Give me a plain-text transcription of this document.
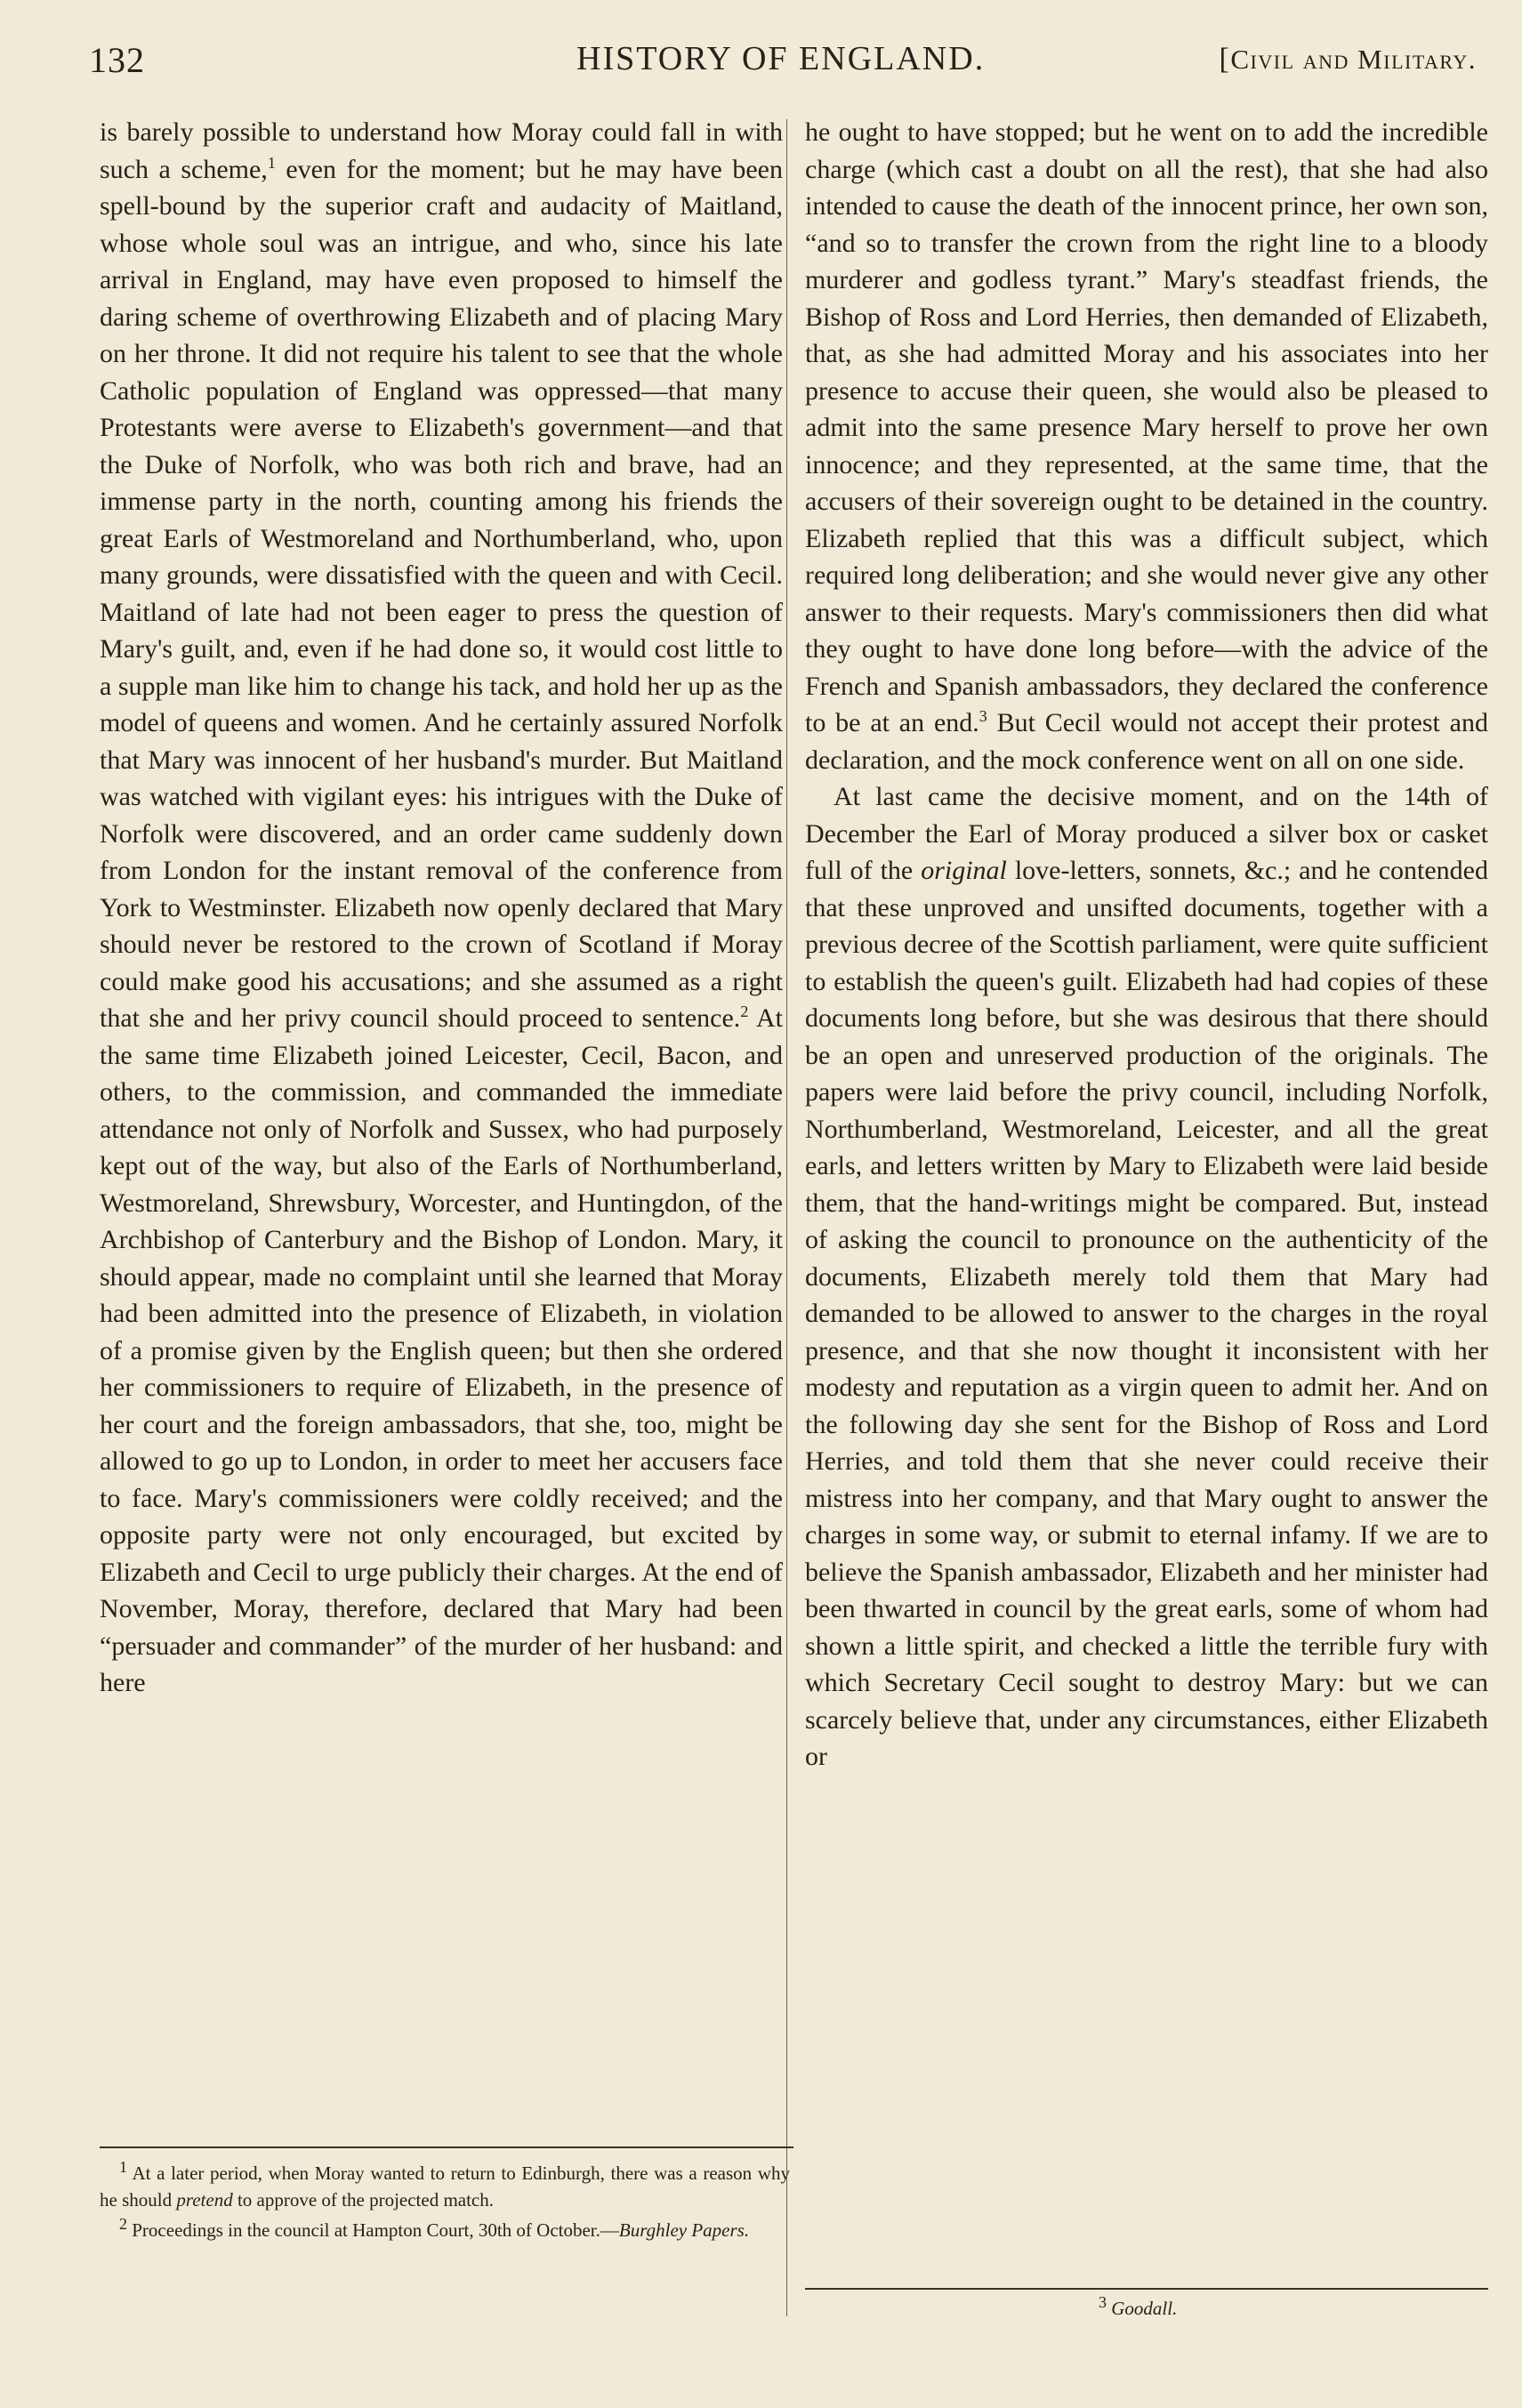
132	HISTORY OF ENGLAND.	[Civil and Military.

is barely possible to understand how Moray could fall in with such a scheme,$^1$ even for the moment; but he may have been spell-bound by the superior craft and audacity of Maitland, whose whole soul was an intrigue, and who, since his late arrival in England, may have even proposed to himself the daring scheme of overthrowing Elizabeth and of placing Mary on her throne. It did not require his talent to see that the whole Catholic population of England was oppressed—that many Protestants were averse to Elizabeth's government—and that the Duke of Norfolk, who was both rich and brave, had an immense party in the north, counting among his friends the great Earls of Westmoreland and Northumberland, who, upon many grounds, were dissatisfied with the queen and with Cecil. Maitland of late had not been eager to press the question of Mary's guilt, and, even if he had done so, it would cost little to a supple man like him to change his tack, and hold her up as the model of queens and women. And he certainly assured Norfolk that Mary was innocent of her husband's murder. But Maitland was watched with vigilant eyes: his intrigues with the Duke of Norfolk were discovered, and an order came suddenly down from London for the instant removal of the conference from York to Westminster. Elizabeth now openly declared that Mary should never be restored to the crown of Scotland if Moray could make good his accusations; and she assumed as a right that she and her privy council should proceed to sentence.$^2$ At the same time Elizabeth joined Leicester, Cecil, Bacon, and others, to the commission, and commanded the immediate attendance not only of Norfolk and Sussex, who had purposely kept out of the way, but also of the Earls of Northumberland, Westmoreland, Shrewsbury, Worcester, and Huntingdon, of the Archbishop of Canterbury and the Bishop of London. Mary, it should appear, made no complaint until she learned that Moray had been admitted into the presence of Elizabeth, in violation of a promise given by the English queen; but then she ordered her commissioners to require of Elizabeth, in the presence of her court and the foreign ambassadors, that she, too, might be allowed to go up to London, in order to meet her accusers face to face. Mary's commissioners were coldly received; and the opposite party were not only encouraged, but excited by Elizabeth and Cecil to urge publicly their charges. At the end of November, Moray, therefore, declared that Mary had been “persuader and commander” of the murder of her husband: and here

he ought to have stopped; but he went on to add the incredible charge (which cast a doubt on all the rest), that she had also intended to cause the death of the innocent prince, her own son, “and so to transfer the crown from the right line to a bloody murderer and godless tyrant.” Mary's steadfast friends, the Bishop of Ross and Lord Herries, then demanded of Elizabeth, that, as she had admitted Moray and his associates into her presence to accuse their queen, she would also be pleased to admit into the same presence Mary herself to prove her own innocence; and they represented, at the same time, that the accusers of their sovereign ought to be detained in the country. Elizabeth replied that this was a difficult subject, which required long deliberation; and she would never give any other answer to their requests. Mary's commissioners then did what they ought to have done long before—with the advice of the French and Spanish ambassadors, they declared the conference to be at an end.$^3$ But Cecil would not accept their protest and declaration, and the mock conference went on all on one side.

At last came the decisive moment, and on the 14th of December the Earl of Moray produced a silver box or casket full of the original love-letters, sonnets, &c.; and he contended that these unproved and unsifted documents, together with a previous decree of the Scottish parliament, were quite sufficient to establish the queen's guilt. Elizabeth had had copies of these documents long before, but she was desirous that there should be an open and unreserved production of the originals. The papers were laid before the privy council, including Norfolk, Northumberland, Westmoreland, Leicester, and all the great earls, and letters written by Mary to Elizabeth were laid beside them, that the hand-writings might be compared. But, instead of asking the council to pronounce on the authenticity of the documents, Elizabeth merely told them that Mary had demanded to be allowed to answer to the charges in the royal presence, and that she now thought it inconsistent with her modesty and reputation as a virgin queen to admit her. And on the following day she sent for the Bishop of Ross and Lord Herries, and told them that she never could receive their mistress into her company, and that Mary ought to answer the charges in some way, or submit to eternal infamy. If we are to believe the Spanish ambassador, Elizabeth and her minister had been thwarted in council by the great earls, some of whom had shown a little spirit, and checked a little the terrible fury with which Secretary Cecil sought to destroy Mary: but we can scarcely believe that, under any circumstances, either Elizabeth or

$^1$ At a later period, when Moray wanted to return to Edinburgh, there was a reason why he should pretend to approve of the projected match.

$^2$ Proceedings in the council at Hampton Court, 30th of October.—Burghley Papers.

$^3$ Goodall.
